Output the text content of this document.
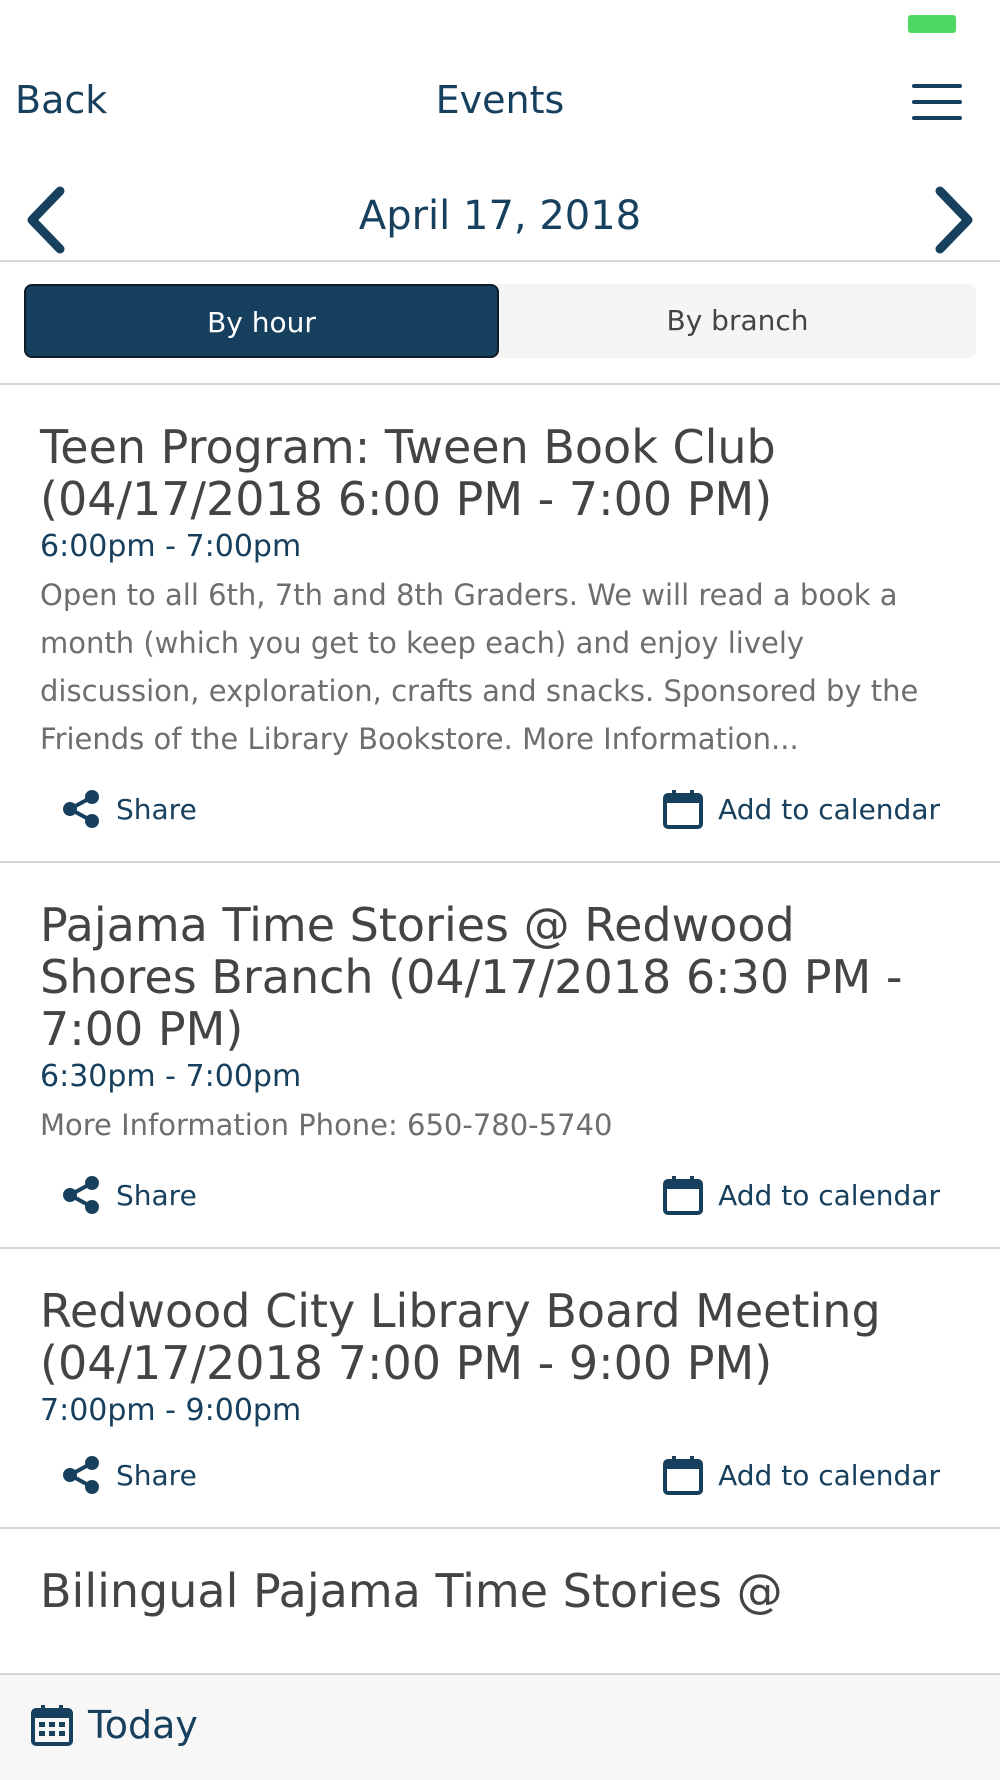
Back	Events
April 17, 2018
By hour	By branch
Teen Program: Tween Book Club (04/17/2018 6:00 PM - 7:00 PM)
6:00pm - 7:00pm
Open to all 6th, 7th and 8th Graders. We will read a book a month (which you get to keep each) and enjoy lively discussion, exploration, crafts and snacks. Sponsored by the Friends of the Library Bookstore. More Information...
Share	Add to calendar
Pajama Time Stories @ Redwood Shores Branch (04/17/2018 6:30 PM - 7:00 PM)
6:30pm - 7:00pm
More Information Phone: 650-780-5740
Share	Add to calendar
Redwood City Library Board Meeting (04/17/2018 7:00 PM - 9:00 PM)
7:00pm - 9:00pm
Share	Add to calendar
Bilingual Pajama Time Stories @
Today
